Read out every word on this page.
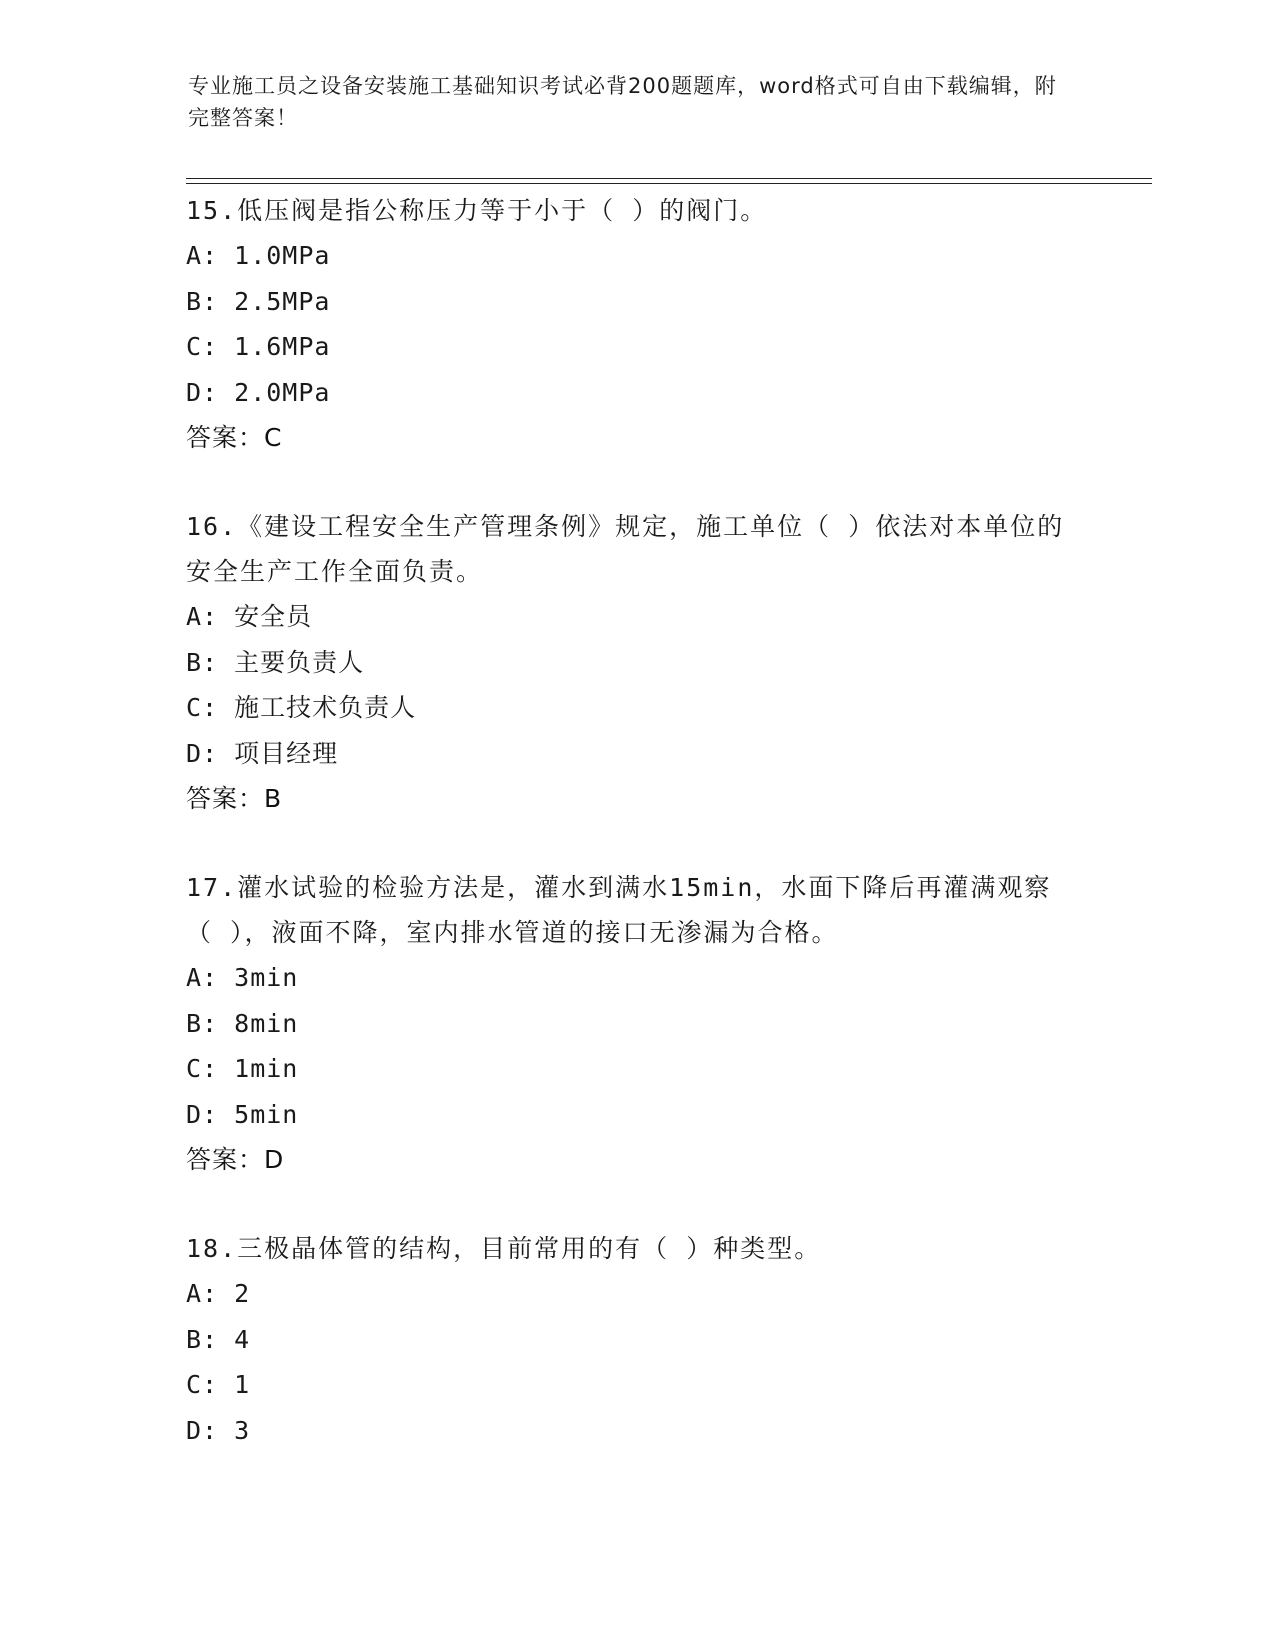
专业施工员之设备安装施工基础知识考试必背200题题库，word格式可自由下载编辑，附完整答案！
15.低压阀是指公称压力等于小于（ ）的阀门。
A: 1.0MPa
B: 2.5MPa
C: 1.6MPa
D: 2.0MPa
答案：C
16.《建设工程安全生产管理条例》规定，施工单位（ ）依法对本单位的安全生产工作全面负责。
A: 安全员
B: 主要负责人
C: 施工技术负责人
D: 项目经理
答案：B
17.灌水试验的检验方法是，灌水到满水15min，水面下降后再灌满观察（ ），液面不降，室内排水管道的接口无渗漏为合格。
A: 3min
B: 8min
C: 1min
D: 5min
答案：D
18.三极晶体管的结构，目前常用的有（ ）种类型。
A: 2
B: 4
C: 1
D: 3
